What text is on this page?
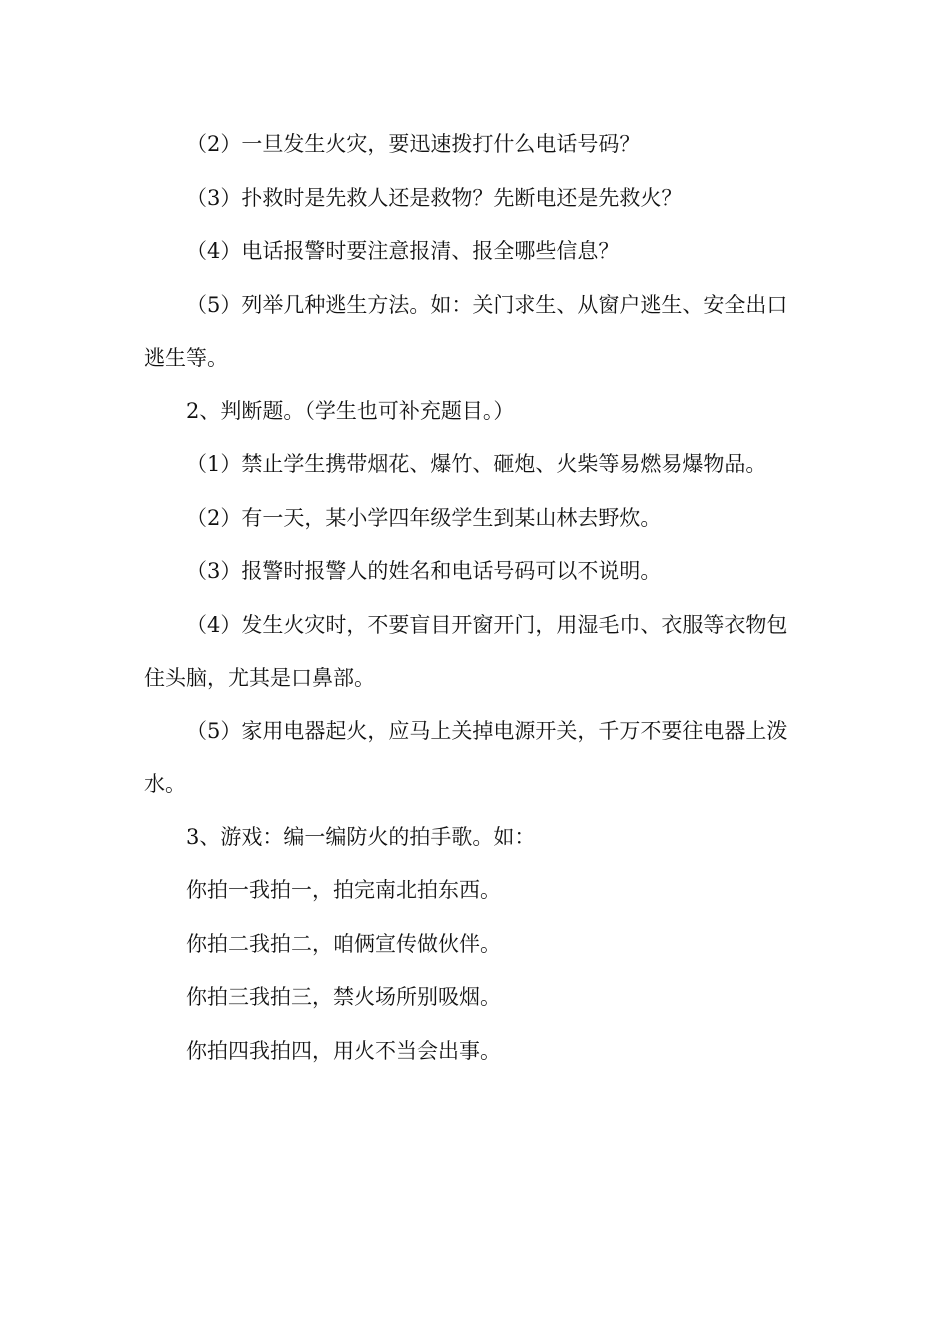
（2）一旦发生火灾，要迅速拨打什么电话号码？

（3）扑救时是先救人还是救物？先断电还是先救火？

（4）电话报警时要注意报清、报全哪些信息？

（5）列举几种逃生方法。如：关门求生、从窗户逃生、安全出口逃生等。

2、判断题。（学生也可补充题目。）

（1）禁止学生携带烟花、爆竹、砸炮、火柴等易燃易爆物品。

（2）有一天，某小学四年级学生到某山林去野炊。

（3）报警时报警人的姓名和电话号码可以不说明。

（4）发生火灾时，不要盲目开窗开门，用湿毛巾、衣服等衣物包住头脑，尤其是口鼻部。

（5）家用电器起火，应马上关掉电源开关，千万不要往电器上泼水。

3、游戏：编一编防火的拍手歌。如：

你拍一我拍一，拍完南北拍东西。

你拍二我拍二，咱俩宣传做伙伴。

你拍三我拍三，禁火场所别吸烟。

你拍四我拍四，用火不当会出事。
